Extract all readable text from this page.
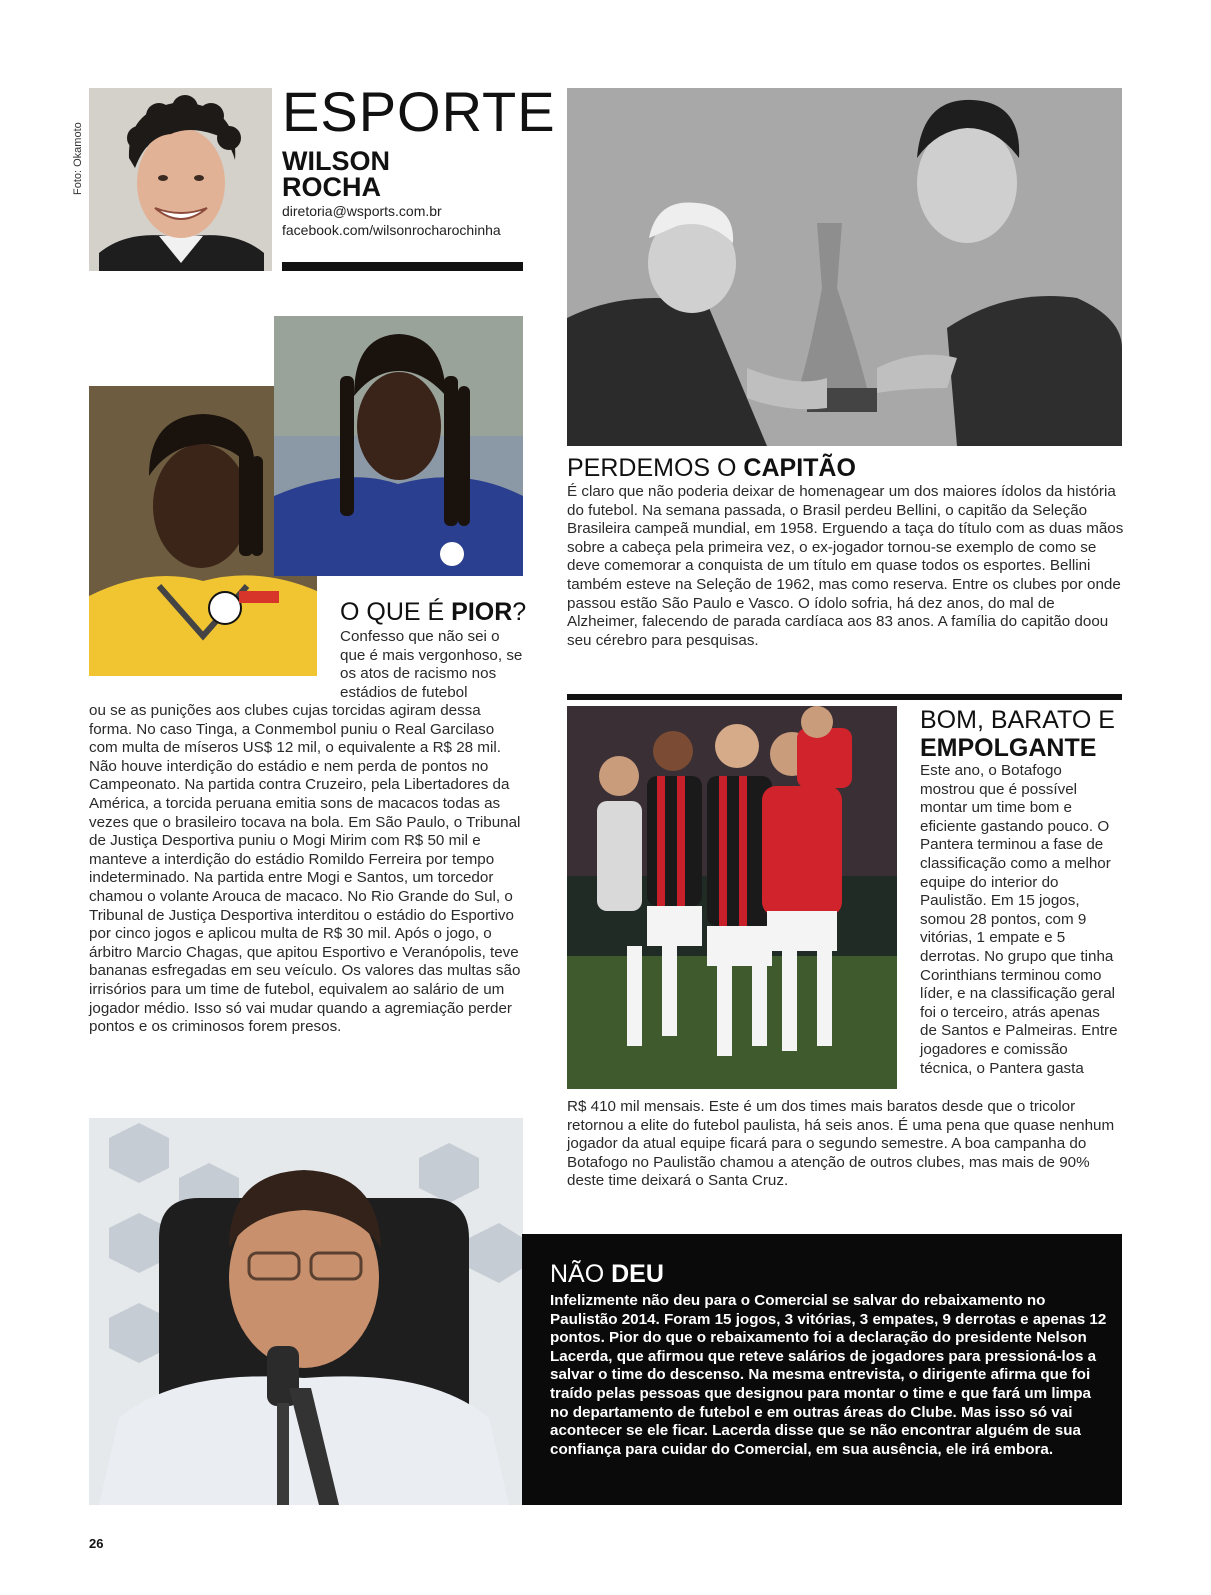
Foto: Okamoto
ESPORTE
WILSON
ROCHA
diretoria@wsports.com.br
facebook.com/wilsonrocharochinha
O QUE É PIOR?
Confesso que não sei o que é mais vergonhoso, se os atos de racismo nos estádios de futebol
ou se as punições aos clubes cujas torcidas agiram dessa forma. No caso Tinga, a Conmembol puniu o Real Garcilaso com multa de míseros US$ 12 mil, o equivalente a R$ 28 mil. Não houve interdição do estádio e nem perda de pontos no Campeonato. Na partida contra Cruzeiro, pela Libertadores da América, a torcida peruana emitia sons de macacos todas as vezes que o brasileiro tocava na bola. Em São Paulo, o Tribunal de Justiça Desportiva puniu o Mogi Mirim com R$ 50 mil e manteve a interdição do estádio Romildo Ferreira por tempo indeterminado. Na partida entre Mogi e Santos, um torcedor chamou o volante Arouca de macaco. No Rio Grande do Sul, o Tribunal de Justiça Desportiva interditou o estádio do Esportivo por cinco jogos e aplicou multa de R$ 30 mil. Após o jogo, o árbitro Marcio Chagas, que apitou Esportivo e Veranópolis, teve bananas esfregadas em seu veículo. Os valores das multas são irrisórios para um time de futebol, equivalem ao salário de um jogador médio. Isso só vai mudar quando a agremiação perder pontos e os criminosos forem presos.
PERDEMOS O CAPITÃO
É claro que não poderia deixar de homenagear um dos maiores ídolos da história do futebol. Na semana passada, o Brasil perdeu Bellini, o capitão da Seleção Brasileira campeã mundial, em 1958. Erguendo a taça do título com as duas mãos sobre a cabeça pela primeira vez, o ex-jogador tornou-se exemplo de como se deve comemorar a conquista de um título em quase todos os esportes. Bellini também esteve na Seleção de 1962, mas como reserva. Entre os clubes por onde passou estão São Paulo e Vasco. O ídolo sofria, há dez anos, do mal de Alzheimer, falecendo de parada cardíaca aos 83 anos. A família do capitão doou seu cérebro para pesquisas.
BOM, BARATO E
EMPOLGANTE
Este ano, o Botafogo mostrou que é possível montar um time bom e eficiente gastando pouco. O Pantera terminou a fase de classificação como a melhor equipe do interior do Paulistão. Em 15 jogos, somou 28 pontos, com 9 vitórias, 1 empate e 5 derrotas. No grupo que tinha Corinthians terminou como líder, e na classificação geral foi o terceiro, atrás apenas de Santos e Palmeiras. Entre jogadores e comissão técnica, o Pantera gasta
R$ 410 mil mensais. Este é um dos times mais baratos desde que o tricolor retornou a elite do futebol paulista, há seis anos. É uma pena que quase nenhum jogador da atual equipe ficará para o segundo semestre. A boa campanha do Botafogo no Paulistão chamou a atenção de outros clubes, mas mais de 90% deste time deixará o Santa Cruz.
NÃO DEU
Infelizmente não deu para o Comercial se salvar do rebaixamento no Paulistão 2014. Foram 15 jogos, 3 vitórias, 3 empates, 9 derrotas e apenas 12 pontos. Pior do que o rebaixamento foi a declaração do presidente Nelson Lacerda, que afirmou que reteve salários de jogadores para pressioná-los a salvar o time do descenso. Na mesma entrevista, o dirigente afirma que foi traído pelas pessoas que designou para montar o time e que fará um limpa no departamento de futebol e em outras áreas do Clube. Mas isso só vai acontecer se ele ficar. Lacerda disse que se não encontrar alguém de sua confiança para cuidar do Comercial, em sua ausência, ele irá embora.
26
